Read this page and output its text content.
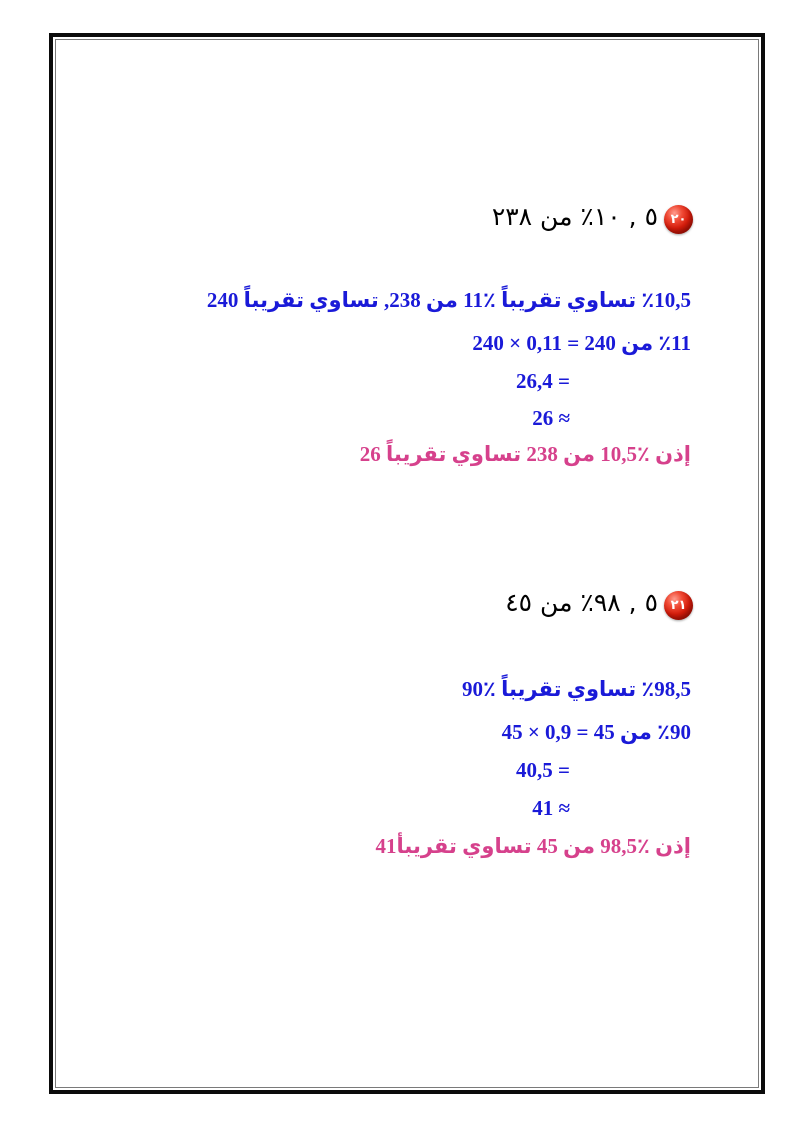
٢٠
٥ , ١٠٪ من ٢٣٨
٪10,5 تساوي تقريباً ٪11 من 238, تساوي تقريباً 240
٪11 من 240 = 0,11 × 240
= 26,4
≈ 26
إذن ٪10,5 من 238 تساوي تقريباً 26
٢١
٥ , ٩٨٪ من ٤٥
٪98,5 تساوي تقريباً ٪90
٪90 من 45 = 0,9 × 45
= 40,5
≈ 41
إذن ٪98,5 من 45 تساوي تقريبأ41
